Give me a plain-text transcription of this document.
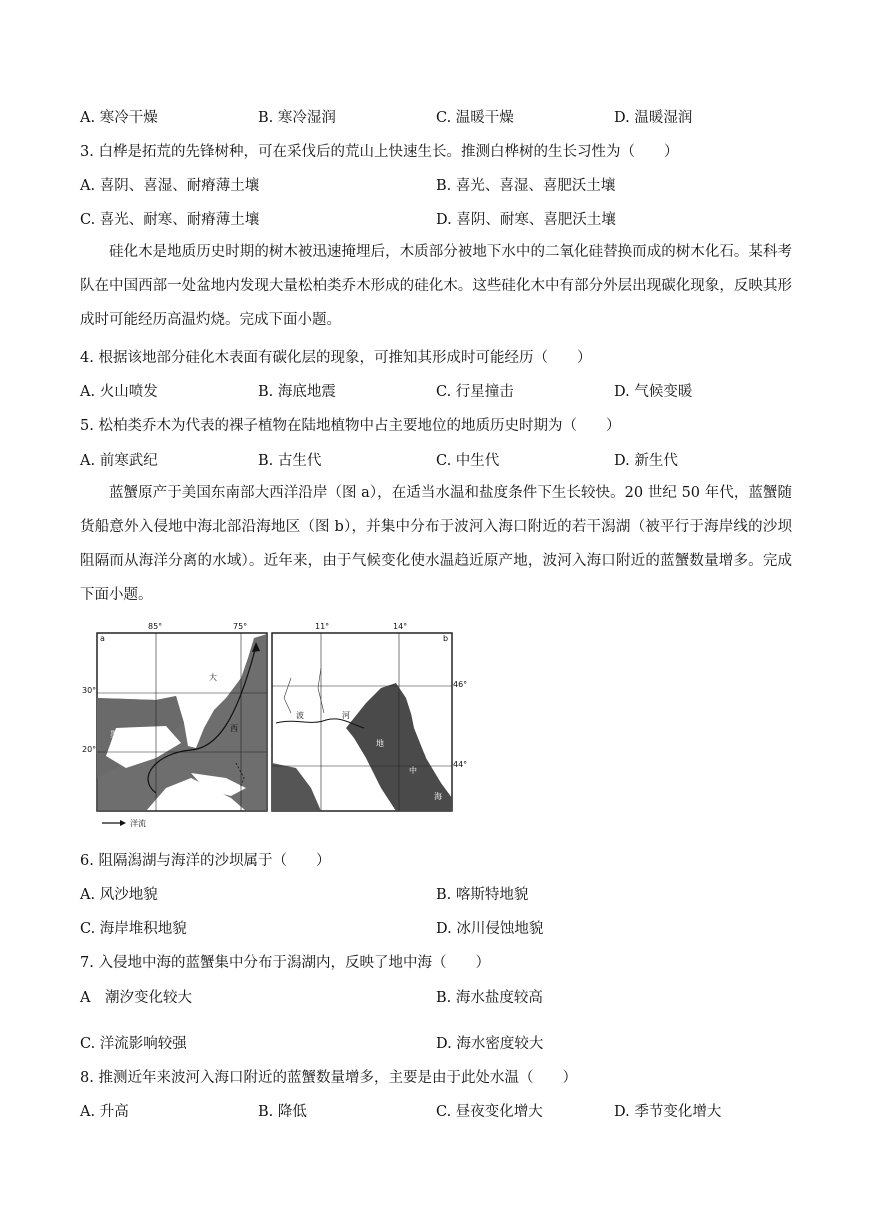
A. 寒冷干燥	B. 寒冷湿润	C. 温暖干燥	D. 温暖湿润
3. 白桦是拓荒的先锋树种，可在采伐后的荒山上快速生长。推测白桦树的生长习性为（　　）
A. 喜阴、喜湿、耐瘠薄土壤	B. 喜光、喜湿、喜肥沃土壤
C. 喜光、耐寒、耐瘠薄土壤	D. 喜阴、耐寒、喜肥沃土壤
硅化木是地质历史时期的树木被迅速掩埋后，木质部分被地下水中的二氧化硅替换而成的树木化石。某科考队在中国西部一处盆地内发现大量松柏类乔木形成的硅化木。这些硅化木中有部分外层出现碳化现象，反映其形成时可能经历高温灼烧。完成下面小题。
4. 根据该地部分硅化木表面有碳化层的现象，可推知其形成时可能经历（　　）
A. 火山喷发	B. 海底地震	C. 行星撞击	D. 气候变暖
5. 松柏类乔木为代表的裸子植物在陆地植物中占主要地位的地质历史时期为（　　）
A. 前寒武纪	B. 古生代	C. 中生代	D. 新生代
蓝蟹原产于美国东南部大西洋沿岸（图 a），在适当水温和盐度条件下生长较快。20 世纪 50 年代，蓝蟹随货船意外入侵地中海北部沿海地区（图 b），并集中分布于波河入海口附近的若干潟湖（被平行于海岸线的沙坝阻隔而从海洋分离的水域）。近年来，由于气候变化使水温趋近原产地，波河入海口附近的蓝蟹数量增多。完成下面小题。
a
85°	75°
30°
20°
墨西哥湾
大
西
b
11°	14°
46°
44°
波	河
地
中
海
洋流
6. 阻隔潟湖与海洋的沙坝属于（　　）
A. 风沙地貌	B. 喀斯特地貌
C. 海岸堆积地貌	D. 冰川侵蚀地貌
7. 入侵地中海的蓝蟹集中分布于潟湖内，反映了地中海（　　）
A　潮汐变化较大	B. 海水盐度较高
C. 洋流影响较强	D. 海水密度较大
8. 推测近年来波河入海口附近的蓝蟹数量增多，主要是由于此处水温（　　）
A. 升高	B. 降低	C. 昼夜变化增大	D. 季节变化增大
